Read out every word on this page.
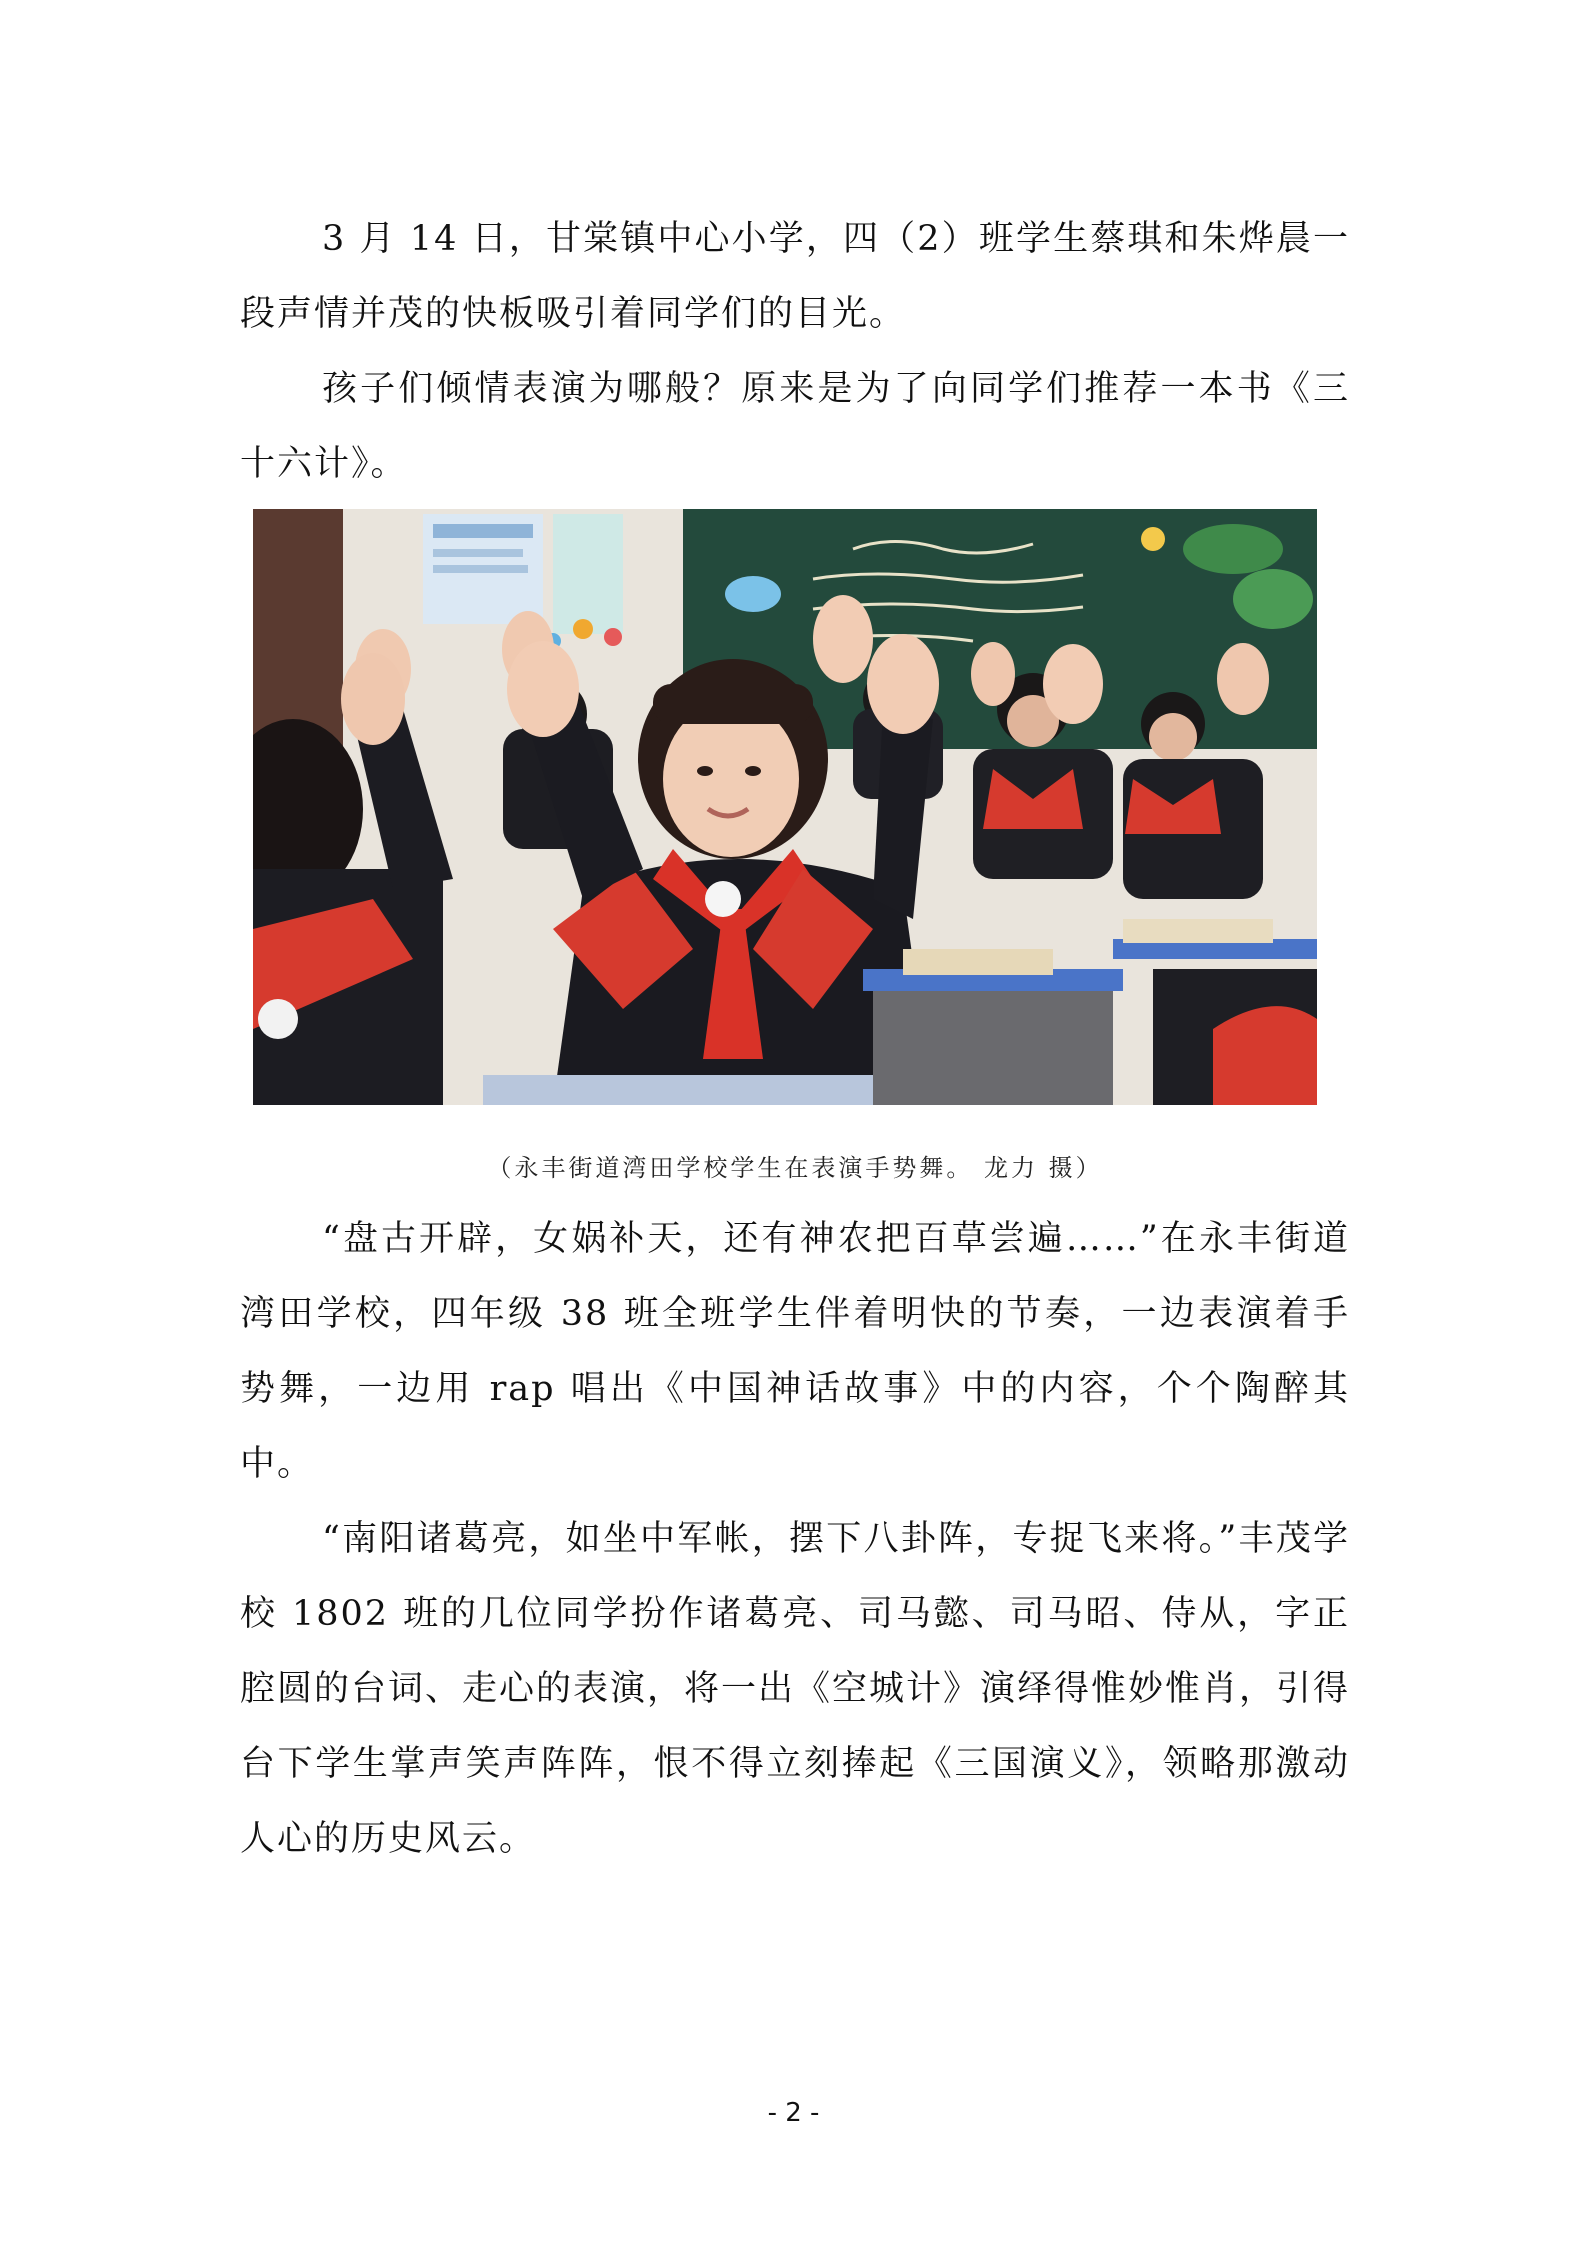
3 月 14 日，甘棠镇中心小学，四（2）班学生蔡琪和朱烨晨一段声情并茂的快板吸引着同学们的目光。

孩子们倾情表演为哪般？原来是为了向同学们推荐一本书《三十六计》。

（永丰街道湾田学校学生在表演手势舞。 龙力 摄）

“盘古开辟，女娲补天，还有神农把百草尝遍……”在永丰街道湾田学校，四年级 38 班全班学生伴着明快的节奏，一边表演着手势舞，一边用 rap 唱出《中国神话故事》中的内容，个个陶醉其中。

“南阳诸葛亮，如坐中军帐，摆下八卦阵，专捉飞来将。”丰茂学校 1802 班的几位同学扮作诸葛亮、司马懿、司马昭、侍从，字正腔圆的台词、走心的表演，将一出《空城计》演绎得惟妙惟肖，引得台下学生掌声笑声阵阵，恨不得立刻捧起《三国演义》，领略那激动人心的历史风云。

- 2 -
